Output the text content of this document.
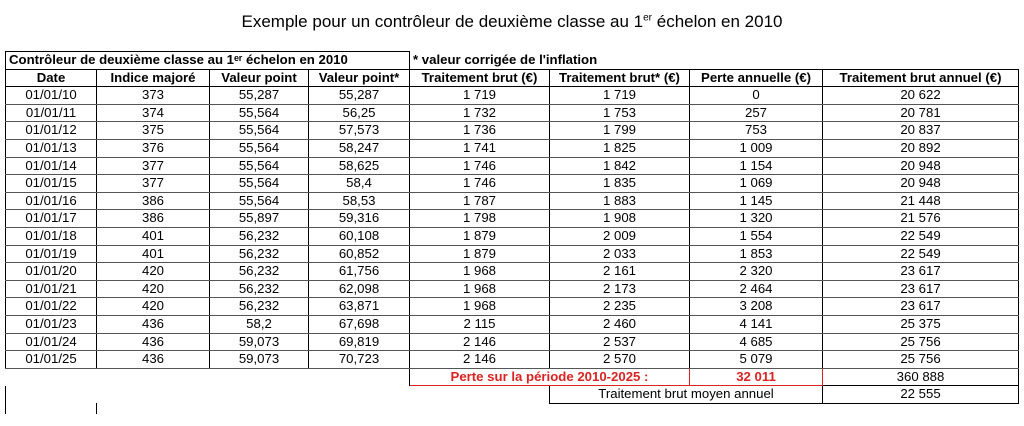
Exemple pour un contrôleur de deuxième classe au 1er échelon en 2010
Contrôleur de deuxième classe au 1ᵉʳ échelon en 2010				* valeur corrigée de l'inflation			
Date	Indice majoré	Valeur point	Valeur point*	Traitement brut (€)	Traitement brut* (€)	Perte annuelle (€)	Traitement brut annuel (€)
01/01/10	373	55,287	55,287	1 719	1 719	0	20 622
01/01/11	374	55,564	56,25	1 732	1 753	257	20 781
01/01/12	375	55,564	57,573	1 736	1 799	753	20 837
01/01/13	376	55,564	58,247	1 741	1 825	1 009	20 892
01/01/14	377	55,564	58,625	1 746	1 842	1 154	20 948
01/01/15	377	55,564	58,4	1 746	1 835	1 069	20 948
01/01/16	386	55,564	58,53	1 787	1 883	1 145	21 448
01/01/17	386	55,897	59,316	1 798	1 908	1 320	21 576
01/01/18	401	56,232	60,108	1 879	2 009	1 554	22 549
01/01/19	401	56,232	60,852	1 879	2 033	1 853	22 549
01/01/20	420	56,232	61,756	1 968	2 161	2 320	23 617
01/01/21	420	56,232	62,098	1 968	2 173	2 464	23 617
01/01/22	420	56,232	63,871	1 968	2 235	3 208	23 617
01/01/23	436	58,2	67,698	2 115	2 460	4 141	25 375
01/01/24	436	59,073	69,819	2 146	2 537	4 685	25 756
01/01/25	436	59,073	70,723	2 146	2 570	5 079	25 756
				Perte sur la période 2010-2025 :		32 011	360 888
					Traitement brut moyen annuel		22 555
